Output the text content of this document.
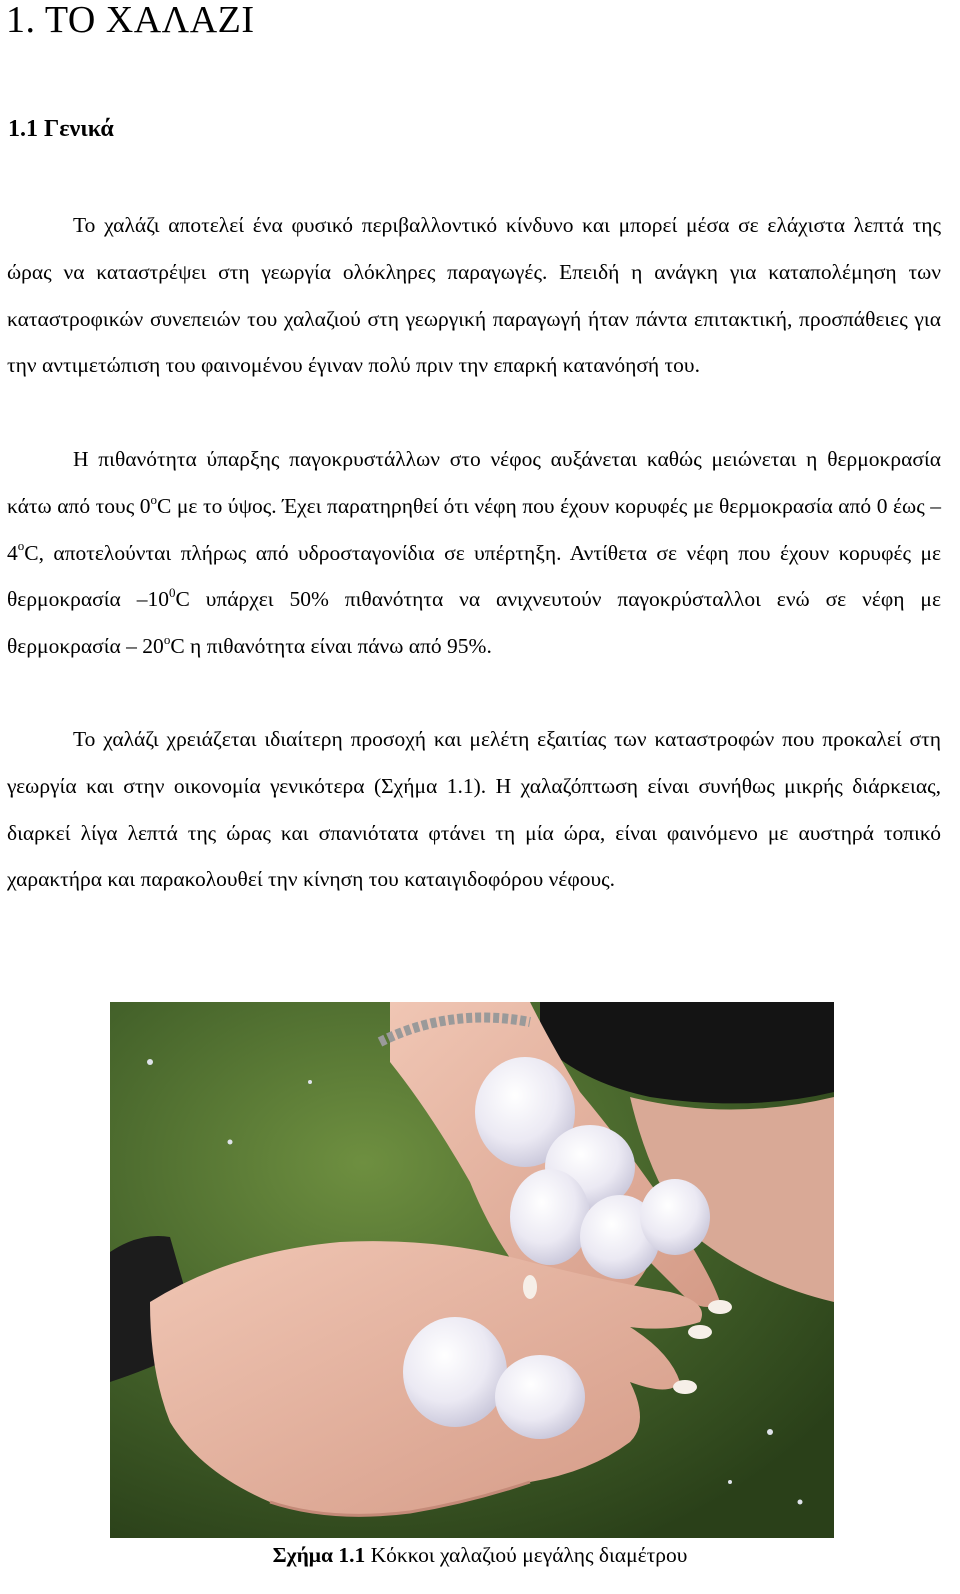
1. ΤΟ ΧΑΛΑΖΙ
1.1 Γενικά

Το χαλάζι αποτελεί ένα φυσικό περιβαλλοντικό κίνδυνο και μπορεί μέσα σε ελάχιστα λεπτά της ώρας να καταστρέψει στη γεωργία ολόκληρες παραγωγές. Επειδή η ανάγκη για καταπολέμηση των καταστροφικών συνεπειών του χαλαζιού στη γεωργική παραγωγή ήταν πάντα επιτακτική, προσπάθειες για την αντιμετώπιση του φαινομένου έγιναν πολύ πριν την επαρκή κατανόησή του.

Η πιθανότητα ύπαρξης παγοκρυστάλλων στο νέφος αυξάνεται καθώς μειώνεται η θερμοκρασία κάτω από τους $0^oC$ με το ύψος. Έχει παρατηρηθεί ότι νέφη που έχουν κορυφές με θερμοκρασία από 0 έως – $4^oC$, αποτελούνται πλήρως από υδροσταγονίδια σε υπέρτηξη. Αντίθετα σε νέφη που έχουν κορυφές με θερμοκρασία $-10^0C$ υπάρχει 50% πιθανότητα να ανιχνευτούν παγοκρύσταλλοι ενώ σε νέφη με θερμοκρασία – $20^oC$ η πιθανότητα είναι πάνω από 95%.

Το χαλάζι χρειάζεται ιδιαίτερη προσοχή και μελέτη εξαιτίας των καταστροφών που προκαλεί στη γεωργία και στην οικονομία γενικότερα (Σχήμα 1.1). Η χαλαζόπτωση είναι συνήθως μικρής διάρκειας, διαρκεί λίγα λεπτά της ώρας και σπανιότατα φτάνει τη μία ώρα, είναι φαινόμενο με αυστηρά τοπικό χαρακτήρα και παρακολουθεί την κίνηση του καταιγιδοφόρου νέφους.

Σχήμα 1.1 Κόκκοι χαλαζιού μεγάλης διαμέτρου
